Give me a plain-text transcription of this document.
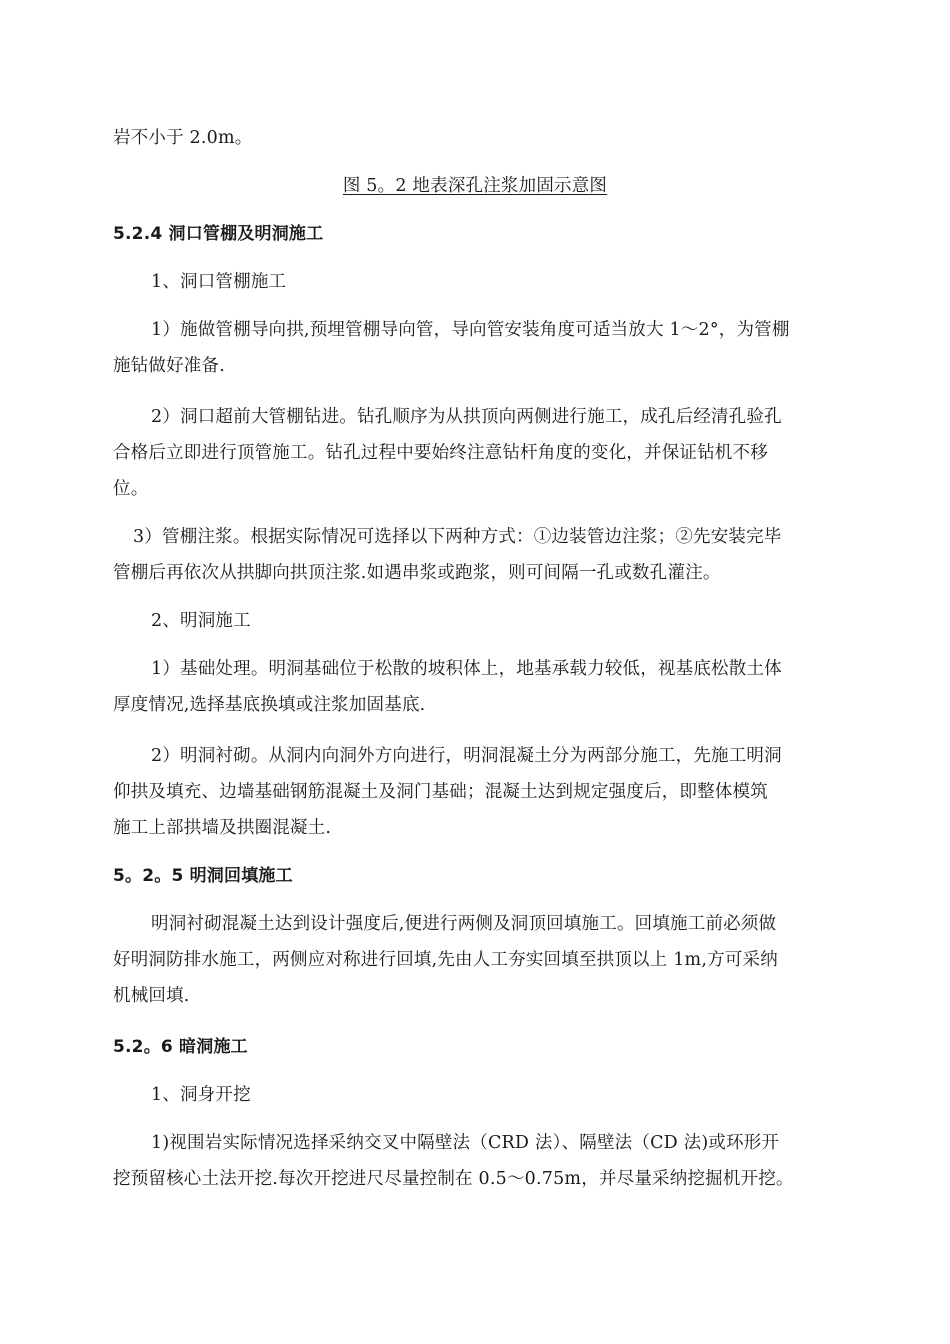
岩不小于 2.0m。
图 5。2 地表深孔注浆加固示意图
5.2.4 洞口管棚及明洞施工
1、洞口管棚施工
1）施做管棚导向拱,预埋管棚导向管，导向管安装角度可适当放大 1～2°，为管棚
施钻做好准备.
2）洞口超前大管棚钻进。钻孔顺序为从拱顶向两侧进行施工，成孔后经清孔验孔
合格后立即进行顶管施工。钻孔过程中要始终注意钻杆角度的变化，并保证钻机不移
位。
3）管棚注浆。根据实际情况可选择以下两种方式：①边装管边注浆；②先安装完毕
管棚后再依次从拱脚向拱顶注浆.如遇串浆或跑浆，则可间隔一孔或数孔灌注。
2、明洞施工
1）基础处理。明洞基础位于松散的坡积体上，地基承载力较低，视基底松散土体
厚度情况,选择基底换填或注浆加固基底.
2）明洞衬砌。从洞内向洞外方向进行，明洞混凝土分为两部分施工，先施工明洞
仰拱及填充、边墙基础钢筋混凝土及洞门基础；混凝土达到规定强度后，即整体模筑
施工上部拱墙及拱圈混凝土.
5。2。5 明洞回填施工
明洞衬砌混凝土达到设计强度后,便进行两侧及洞顶回填施工。回填施工前必须做
好明洞防排水施工，两侧应对称进行回填,先由人工夯实回填至拱顶以上 1m,方可采纳
机械回填.
5.2。6 暗洞施工
1、洞身开挖
1)视围岩实际情况选择采纳交叉中隔壁法（CRD 法）、隔壁法（CD 法)或环形开
挖预留核心土法开挖.每次开挖进尺尽量控制在 0.5～0.75m，并尽量采纳挖掘机开挖。
